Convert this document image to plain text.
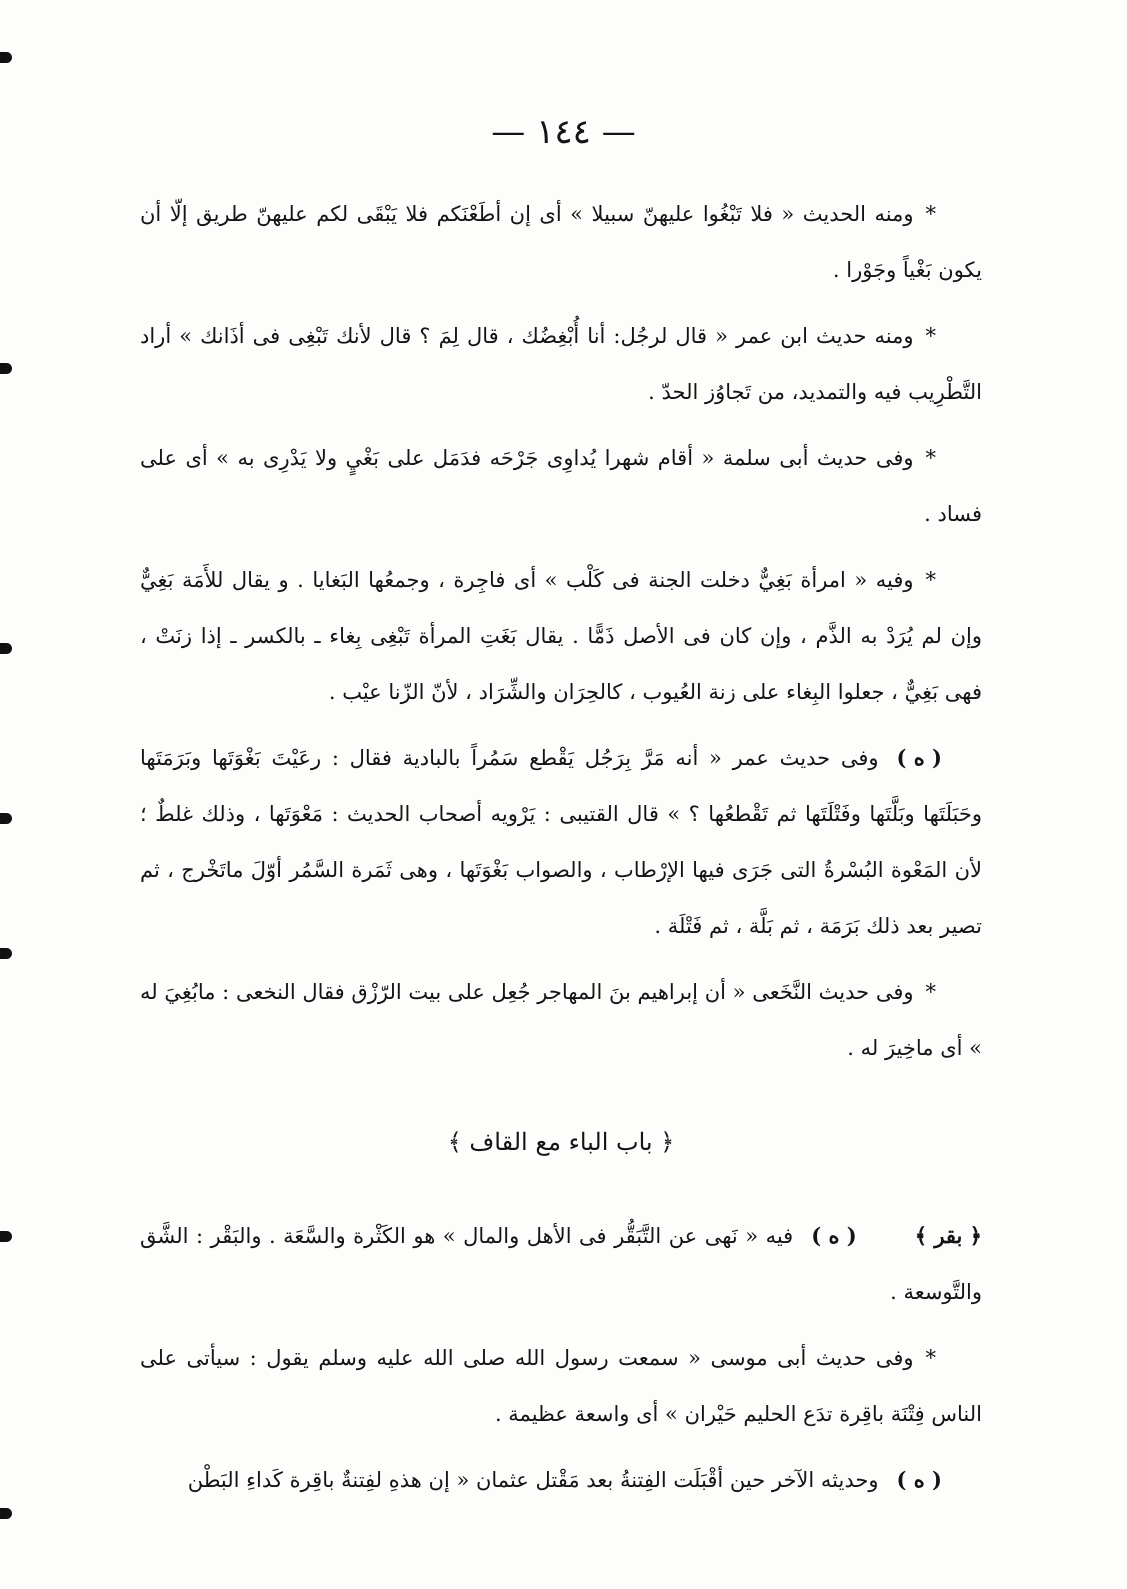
— ١٤٤ —

*ومنه الحديث « فلا تَبْغُوا عليهنّ سبيلا » أى إن أطَعْنَكم فلا يَبْقَى لكم عليهنّ طريق إلّا أن يكون بَغْياً وجَوْرا .

*ومنه حديث ابن عمر « قال لرجُل: أنا أُبْغِضُك ، قال لِمَ ؟ قال لأنك تَبْغِى فى أذَانك » أراد التَّطْرِيب فيه والتمديد، من تَجاوُز الحدّ .

*وفى حديث أبى سلمة « أقام شهرا يُداوِى جَرْحَه فدَمَل على بَغْيٍ ولا يَدْرِى به » أى على فساد .

*وفيه « امرأة بَغِيٌّ دخلت الجنة فى كَلْب » أى فاجِرة ، وجمعُها البَغايا . و يقال للأَمَة بَغِيٌّ وإن لم يُرَدْ به الذَّم ، وإن كان فى الأصل ذَمًّا . يقال بَغَتِ المرأة تَبْغِى بِغاء ـ بالكسر ـ إذا زنَتْ ، فهى بَغِيٌّ ، جعلوا البِغاء على زنة العُيوب ، كالحِرَان والشِّرَاد ، لأنّ الزّنا عيْب .

( ه )وفى حديث عمر « أنه مَرَّ بِرَجُل يَقْطع سَمُراً بالبادية فقال : رعَيْتَ بَغْوَتَها وبَرَمَتَها وحَبَلَتَها وبَلَّتَها وفَتْلَتَها ثم تَقْطعُها ؟ » قال القتيبى : يَرْويه أصحاب الحديث : مَعْوَتَها ، وذلك غلطٌ ؛ لأن المَعْوة البُسْرةُ التى جَرَى فيها الإرْطاب ، والصواب بَغْوَتَها ، وهى ثَمَرة السَّمُر أوّلَ ماتَخْرج ، ثم تصير بعد ذلك بَرَمَة ، ثم بَلَّة ، ثم فَتْلَة .

*وفى حديث النَّخَعى « أن إبراهيم بنَ المهاجر جُعِل على بيت الرّزْق فقال النخعى : مابُغِيَ له » أى ماخِيرَ له .

﴿ باب الباء مع القاف ﴾

﴿ بقر ﴾( ه )فيه « نَهى عن التَّبَقُّر فى الأهل والمال » هو الكَثْرة والسَّعَة . والبَقْر : الشَّق والتَّوسعة .

*وفى حديث أبى موسى « سمعت رسول الله صلى الله عليه وسلم يقول : سيأتى على الناس فِتْنَة باقِرة تدَع الحليم حَيْران » أى واسعة عظيمة .

( ه )وحديثه الآخر حين أقْبَلَت الفِتنةُ بعد مَقْتل عثمان « إن هذهِ لفِتنةٌ باقِرة كَداءِ البَطْن
